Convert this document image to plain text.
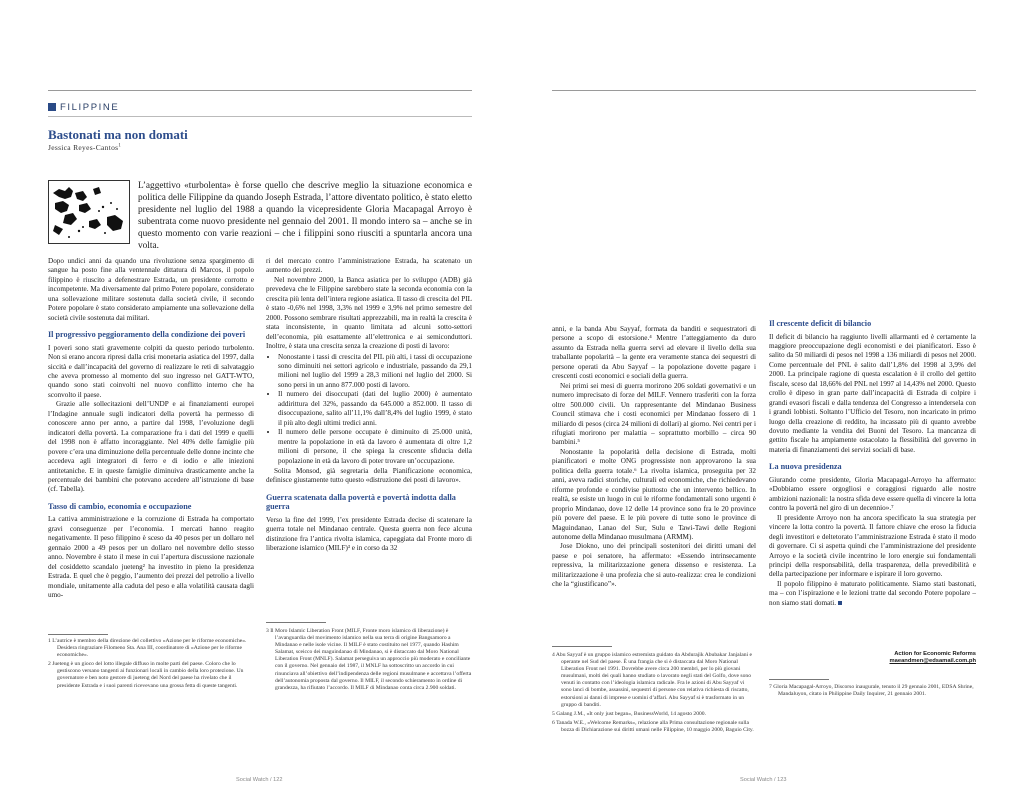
FILIPPINE
Bastonati ma non domati
Jessica Reyes-Cantos$^1$
L’aggettivo «turbolenta» è forse quello che descrive meglio la situazione economica e politica delle Filippine da quando Joseph Estrada, l’attore diventato politico, è stato eletto presidente nel luglio del 1988 a quando la vicepresidente Gloria Macapagal Arroyo è subentrata come nuovo presidente nel gennaio del 2001. Il mondo intero sa – anche se in questo momento con varie reazioni – che i filippini sono riusciti a spuntarla ancora una volta.

Dopo undici anni da quando una rivoluzione senza spargimento di sangue ha posto fine alla ventennale dittatura di Marcos, il popolo filippino è riuscito a defenestrare Estrada, un presidente corrotto e incompetente. Ma diversamente dal primo Potere popolare, considerato una sollevazione militare sostenuta dalla società civile, il secondo Potere popolare è stato considerato ampiamente una sollevazione della società civile sostenuta dai militari.

Il progressivo peggioramento della condizione dei poveri

I poveri sono stati gravemente colpiti da questo periodo turbolento. Non si erano ancora ripresi dalla crisi monetaria asiatica del 1997, dalla siccità e dall’incapacità del governo di realizzare le reti di salvataggio che aveva promesso al momento del suo ingresso nel GATT-WTO, quando sono stati coinvolti nel nuovo conflitto interno che ha sconvolto il paese.

Grazie alle sollecitazioni dell’UNDP e ai finanziamenti europei l’Indagine annuale sugli indicatori della povertà ha permesso di conoscere anno per anno, a partire dal 1998, l’evoluzione degli indicatori della povertà. La comparazione fra i dati del 1999 e quelli del 1998 non è affatto incoraggiante. Nel 40% delle famiglie più povere c’era una diminuzione della percentuale delle donne incinte che accedeva agli integratori di ferro e di iodio e alle iniezioni antitetaniche. E in queste famiglie diminuiva drasticamente anche la percentuale dei bambini che potevano accedere all’istruzione di base (cf. Tabella).

Tasso di cambio, economia e occupazione

La cattiva amministrazione e la corruzione di Estrada ha comportato gravi conseguenze per l’economia. I mercati hanno reagito negativamente. Il peso filippino è sceso da 40 pesos per un dollaro nel gennaio 2000 a 49 pesos per un dollaro nel novembre dello stesso anno. Novembre è stato il mese in cui l’apertura discussione nazionale del cosiddetto scandalo jueteng² ha investito in pieno la presidenza Estrada. E quel che è peggio, l’aumento dei prezzi del petrolio a livello mondiale, unitamente alla caduta del peso e alla volatilità causata dagli umo-

1 L’autrice è membro della direzione del collettivo «Azione per le riforme economiche». Desidera ringraziare Filomeno Sta. Ana III, coordinatore di «Azione per le riforme economiche».

2 Jueteng è un gioco del lotto illegale diffuso in molte parti del paese. Coloro che lo gestiscono versano tangenti ai funzionari locali in cambio della loro protezione. Un governatore e ben noto gestore di jueteng del Nord del paese ha rivelato che il presidente Estrada e i suoi parenti ricevevano una grossa fetta di queste tangenti.

ri del mercato contro l’amministrazione Estrada, ha scatenato un aumento dei prezzi.

Nel novembre 2000, la Banca asiatica per lo sviluppo (ADB) già prevedeva che le Filippine sarebbero state la seconda economia con la crescita più lenta dell’intera regione asiatica. Il tasso di crescita del PIL è stato -0,6% nel 1998, 3,3% nel 1999 e 3,9% nel primo semestre del 2000. Possono sembrare risultati apprezzabili, ma in realtà la crescita è stata inconsistente, in quanto limitata ad alcuni sotto-settori dell’economia, più esattamente all’elettronica e ai semiconduttori. Inoltre, è stata una crescita senza la creazione di posti di lavoro:

• Nonostante i tassi di crescita del PIL più alti, i tassi di occupazione sono diminuiti nei settori agricolo e industriale, passando da 29,1 milioni nel luglio del 1999 a 28,3 milioni nel luglio del 2000. Si sono persi in un anno 877.000 posti di lavoro.
• Il numero dei disoccupati (dati del luglio 2000) è aumentato addirittura del 32%, passando da 645.000 a 852.000. Il tasso di disoccupazione, salito all’11,1% dall’8,4% del luglio 1999, è stato il più alto degli ultimi tredici anni.
• Il numero delle persone occupate è diminuito di 25.000 unità, mentre la popolazione in età da lavoro è aumentata di oltre 1,2 milioni di persone, il che spiega la crescente sfiducia della popolazione in età da lavoro di poter trovare un’occupazione.

Solita Monsod, già segretaria della Pianificazione economica, definisce giustamente tutto questo «distruzione dei posti di lavoro».

Guerra scatenata dalla povertà e povertà indotta dalla guerra

Verso la fine del 1999, l’ex presidente Estrada decise di scatenare la guerra totale nel Mindanao centrale. Questa guerra non fece alcuna distinzione fra l’antica rivolta islamica, capeggiata dal Fronte moro di liberazione islamico (MILF)³ e in corso da 32

3 Il Moro Islamic Liberation Front (MILF, Fronte moro islamico di liberazione) è l’avanguardia del movimento islamico nella sua terra di origine Bangsamoro a Mindanao e nelle isole vicine. Il MILF è stato costituito nel 1977, quando Hashim Salamat, sceicco dei maguindanao di Mindanao, si è distaccato dal Moro National Liberation Front (MNLF). Salamat perseguiva un approccio più moderato e conciliante con il governo. Nel gennaio del 1987, il MNLF ha sottoscritto un accordo in cui rinunciava all’obiettivo dell’indipendenza delle regioni musulmane e accettava l’offerta dell’autonomia proposta dal governo. Il MILF, il secondo schieramento in ordine di grandezza, ha rifiutato l’accordo. Il MILF di Mindanao conta circa 2.900 soldati.

Social Watch / 122

anni, e la banda Abu Sayyaf, formata da banditi e sequestratori di persone a scopo di estorsione.⁴ Mentre l’atteggiamento da duro assunto da Estrada nella guerra servì ad elevare il livello della sua traballante popolarità – la gente era veramente stanca dei sequestri di persone operati da Abu Sayyaf – la popolazione dovette pagare i crescenti costi economici e sociali della guerra.

Nei primi sei mesi di guerra morirono 206 soldati governativi e un numero imprecisato di forze del MILF. Vennero trasferiti con la forza oltre 500.000 civili. Un rappresentante del Mindanao Business Council stimava che i costi economici per Mindanao fossero di 1 miliardo di pesos (circa 24 milioni di dollari) al giorno. Nei centri per i rifugiati morirono per malattia – soprattutto morbillo – circa 90 bambini.⁵

Nonostante la popolarità della decisione di Estrada, molti pianificatori e molte ONG progressiste non approvarono la sua politica della guerra totale.⁶ La rivolta islamica, proseguita per 32 anni, aveva radici storiche, culturali ed economiche, che richiedevano riforme profonde e condivise piuttosto che un intervento bellico. In realtà, se esiste un luogo in cui le riforme fondamentali sono urgenti è proprio Mindanao, dove 12 delle 14 province sono fra le 20 province più povere del paese. E le più povere di tutte sono le province di Maguindanao, Lanao del Sur, Sulu e Tawi-Tawi delle Regioni autonome della Mindanao musulmana (ARMM).

Jose Diokno, uno dei principali sostenitori dei diritti umani del paese e poi senatore, ha affermato: «Essendo intrinsecamente repressiva, la militarizzazione genera dissenso e resistenza. La militarizzazione è una profezia che si auto-realizza: crea le condizioni che la “giustificano”».

4 Abu Sayyaf è un gruppo islamico estremista guidato da Abdurajik Abubakar Janjalani e operante nel Sud del paese. È una frangia che si è distaccata dal Moro National Liberation Front nel 1991. Dovrebbe avere circa 200 membri, per lo più giovani musulmani, molti dei quali hanno studiato o lavorato negli stati del Golfo, dove sono venuti in contatto con l’ideologia islamica radicale. Fra le azioni di Abu Sayyaf vi sono lanci di bombe, assassini, sequestri di persone con relativa richiesta di riscatto, estorsioni ai danni di imprese e uomini d’affari. Abu Sayyaf si è trasformato in un gruppo di banditi.

5 Galang J.M., «It only just began», BusinessWorld, 14 agosto 2000.

6 Tanada W.E., «Welcome Remarks», relazione alla Prima consultazione regionale sulla bozza di Dichiarazione sui diritti umani nelle Filippine, 10 maggio 2000, Baguio City.

Il crescente deficit di bilancio

Il deficit di bilancio ha raggiunto livelli allarmanti ed è certamente la maggiore preoccupazione degli economisti e dei pianificatori. Esso è salito da 50 miliardi di pesos nel 1998 a 136 miliardi di pesos nel 2000. Come percentuale del PNL è salito dall’1,8% del 1998 al 3,9% del 2000. La principale ragione di questa escalation è il crollo del gettito fiscale, sceso dal 18,66% del PNL nel 1997 al 14,43% nel 2000. Questo crollo è dipeso in gran parte dall’incapacità di Estrada di colpire i grandi evasori fiscali e dalla tendenza del Congresso a intendersela con i grandi lobbisti. Soltanto l’Ufficio del Tesoro, non incaricato in primo luogo della creazione di reddito, ha incassato più di quanto avrebbe dovuto mediante la vendita dei Buoni del Tesoro. La mancanza di gettito fiscale ha ampiamente ostacolato la flessibilità del governo in materia di finanziamenti dei servizi sociali di base.

La nuova presidenza

Giurando come presidente, Gloria Macapagal-Arroyo ha affermato: «Dobbiamo essere orgogliosi e coraggiosi riguardo alle nostre ambizioni nazionali: la nostra sfida deve essere quella di vincere la lotta contro la povertà nel giro di un decennio».⁷

Il presidente Arroyo non ha ancora specificato la sua strategia per vincere la lotta contro la povertà. Il fattore chiave che eroso la fiducia degli investitori e deltetorato l’amministrazione Estrada è stato il modo di governare. Ci si aspetta quindi che l’amministrazione del presidente Arroyo e la società civile incentrino le loro energie sui fondamentali principi della responsabilità, della trasparenza, della prevedibilità e della partecipazione per informare e ispirare il loro governo.

Il popolo filippino è maturato politicamente. Siamo stati bastonati, ma – con l’ispirazione e le lezioni tratte dal secondo Potere popolare – non siamo stati domati.

Action for Economic Reforms
maeandmen@edsamail.com.ph

7 Gloria Macapagal-Arroyo, Discorso inaugurale, tenuto il 29 gennaio 2001, EDSA Shrine, Mandaluyon, citato in Philippine Daily Inquirer, 21 gennaio 2001.

Social Watch / 123
